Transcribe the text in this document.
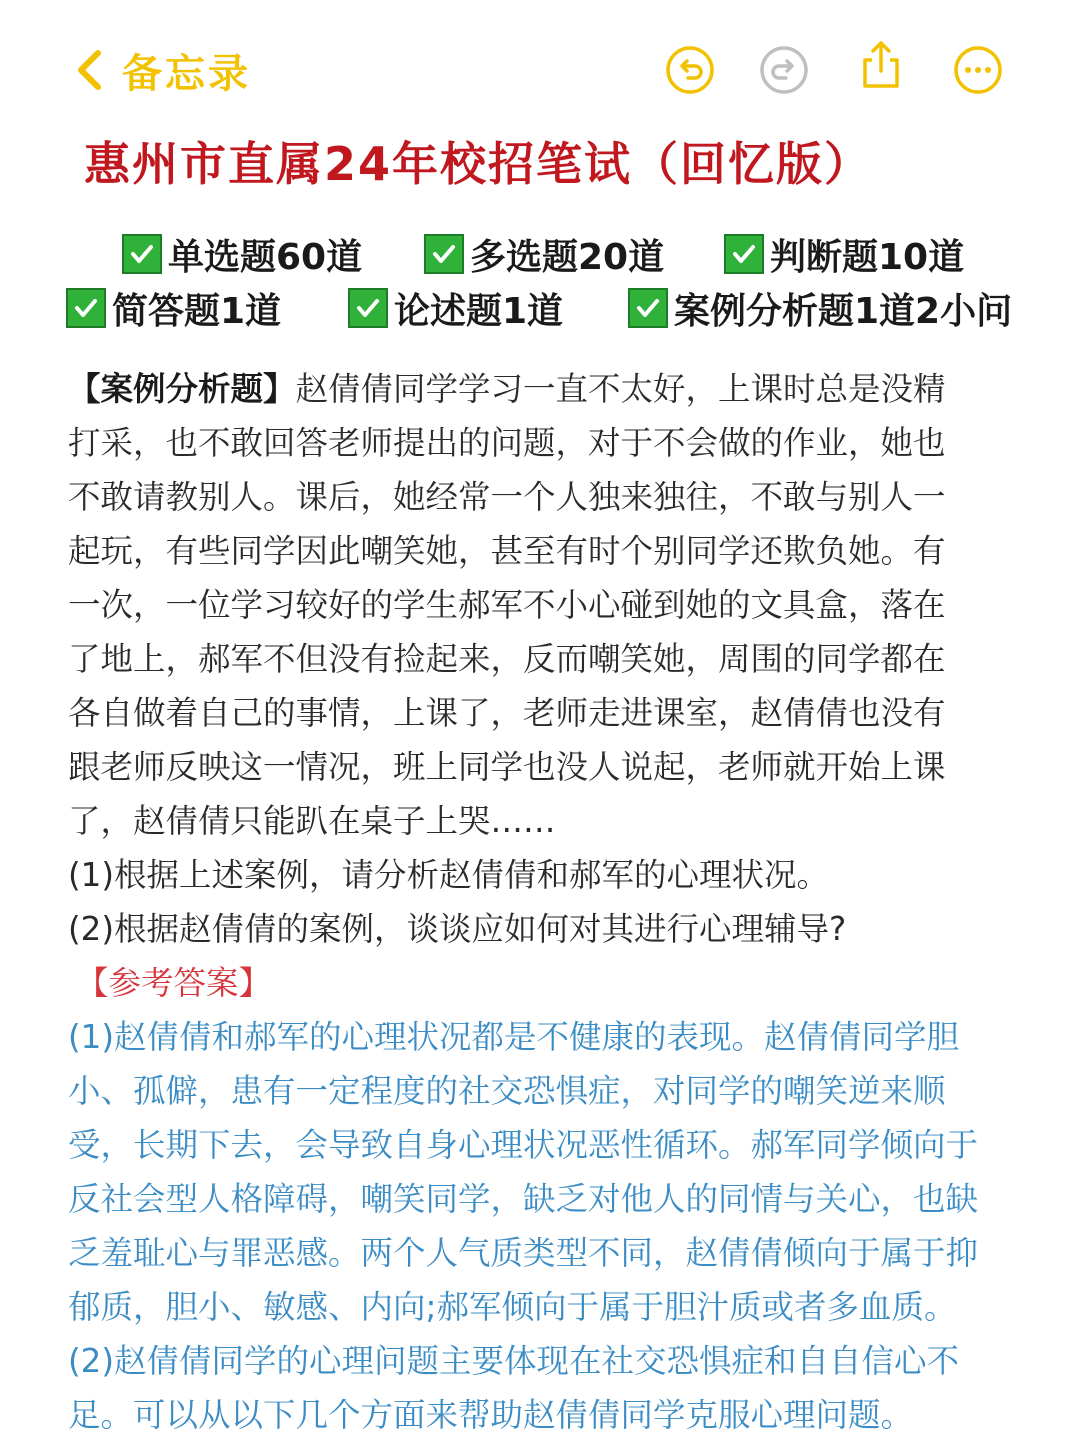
备忘录
惠州市直属24年校招笔试（回忆版）
单选题60道	多选题20道	判断题10道
简答题1道	论述题1道	案例分析题1道2小问
【案例分析题】赵倩倩同学学习一直不太好，上课时总是没精
打采，也不敢回答老师提出的问题，对于不会做的作业，她也
不敢请教别人。课后，她经常一个人独来独往，不敢与别人一
起玩，有些同学因此嘲笑她，甚至有时个别同学还欺负她。有
一次，一位学习较好的学生郝军不小心碰到她的文具盒，落在
了地上，郝军不但没有捡起来，反而嘲笑她，周围的同学都在
各自做着自己的事情，上课了，老师走进课室，赵倩倩也没有
跟老师反映这一情况，班上同学也没人说起，老师就开始上课
了，赵倩倩只能趴在桌子上哭……
(1)根据上述案例，请分析赵倩倩和郝军的心理状况。
(2)根据赵倩倩的案例，谈谈应如何对其进行心理辅导?
【参考答案】
(1)赵倩倩和郝军的心理状况都是不健康的表现。赵倩倩同学胆
小、孤僻，患有一定程度的社交恐惧症，对同学的嘲笑逆来顺
受，长期下去，会导致自身心理状况恶性循环。郝军同学倾向于
反社会型人格障碍，嘲笑同学，缺乏对他人的同情与关心，也缺
乏羞耻心与罪恶感。两个人气质类型不同，赵倩倩倾向于属于抑
郁质，胆小、敏感、内向;郝军倾向于属于胆汁质或者多血质。
(2)赵倩倩同学的心理问题主要体现在社交恐惧症和自自信心不
足。可以从以下几个方面来帮助赵倩倩同学克服心理问题。
